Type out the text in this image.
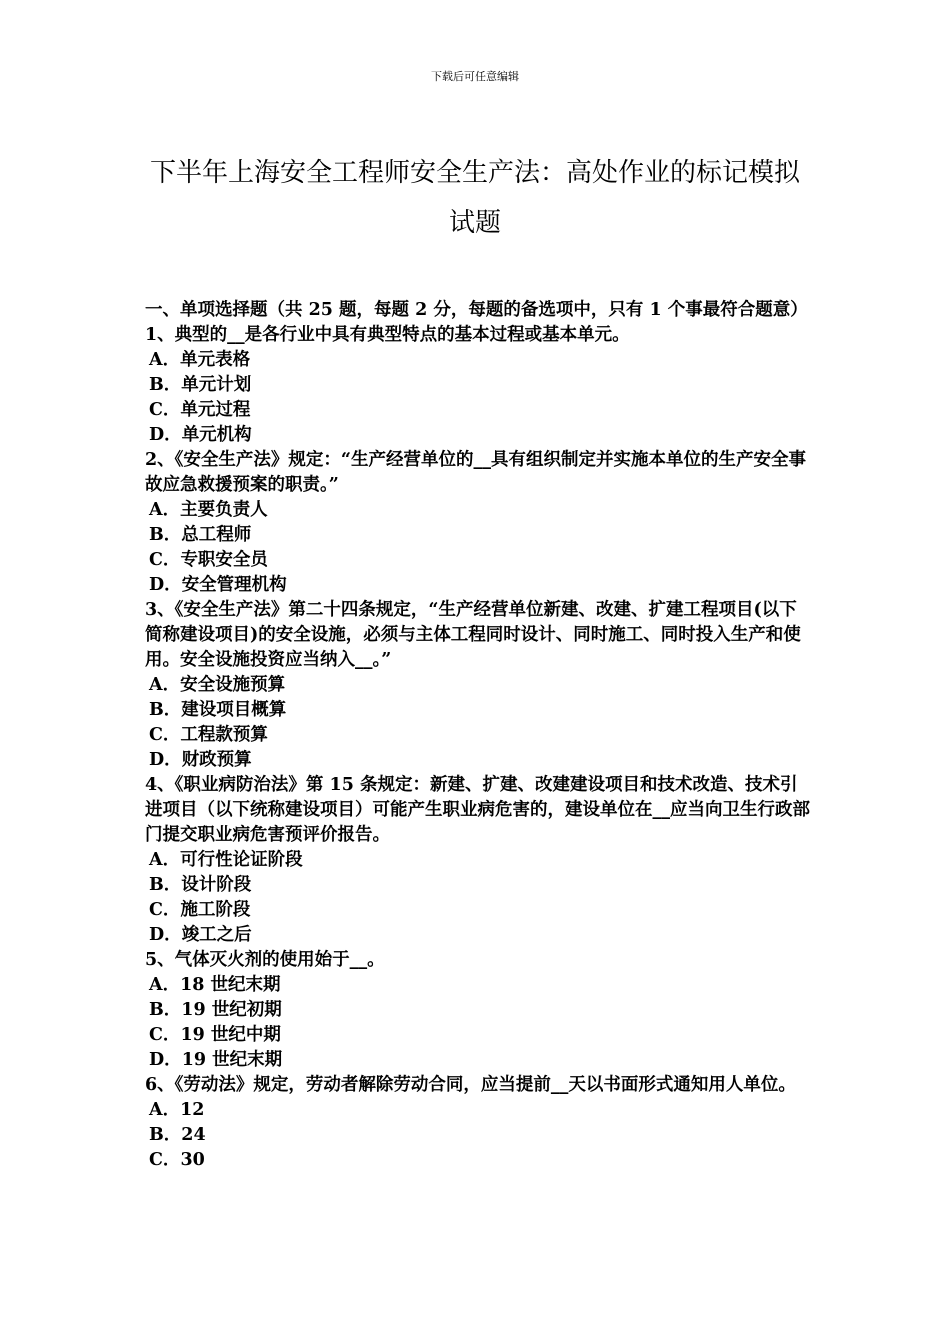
下载后可任意编辑
下半年上海安全工程师安全生产法：高处作业的标记模拟试题

一、单项选择题（共 25 题，每题 2 分，每题的备选项中，只有 1 个事最符合题意）

1、典型的__是各行业中具有典型特点的基本过程或基本单元。

A．单元表格
B．单元计划
C．单元过程
D．单元机构

2、《安全生产法》规定：“生产经营单位的__具有组织制定并实施本单位的生产安全事故应急救援预案的职责。”

A．主要负责人
B．总工程师
C．专职安全员
D．安全管理机构

3、《安全生产法》第二十四条规定，“生产经营单位新建、改建、扩建工程项目(以下简称建设项目)的安全设施，必须与主体工程同时设计、同时施工、同时投入生产和使用。安全设施投资应当纳入__。”

A．安全设施预算
B．建设项目概算
C．工程款预算
D．财政预算

4、《职业病防治法》第 15 条规定：新建、扩建、改建建设项目和技术改造、技术引进项目（以下统称建设项目）可能产生职业病危害的，建设单位在__应当向卫生行政部门提交职业病危害预评价报告。

A．可行性论证阶段
B．设计阶段
C．施工阶段
D．竣工之后

5、气体灭火剂的使用始于__。

A．18 世纪末期
B．19 世纪初期
C．19 世纪中期
D．19 世纪末期

6、《劳动法》规定，劳动者解除劳动合同，应当提前__天以书面形式通知用人单位。

A．12
B．24
C．30
